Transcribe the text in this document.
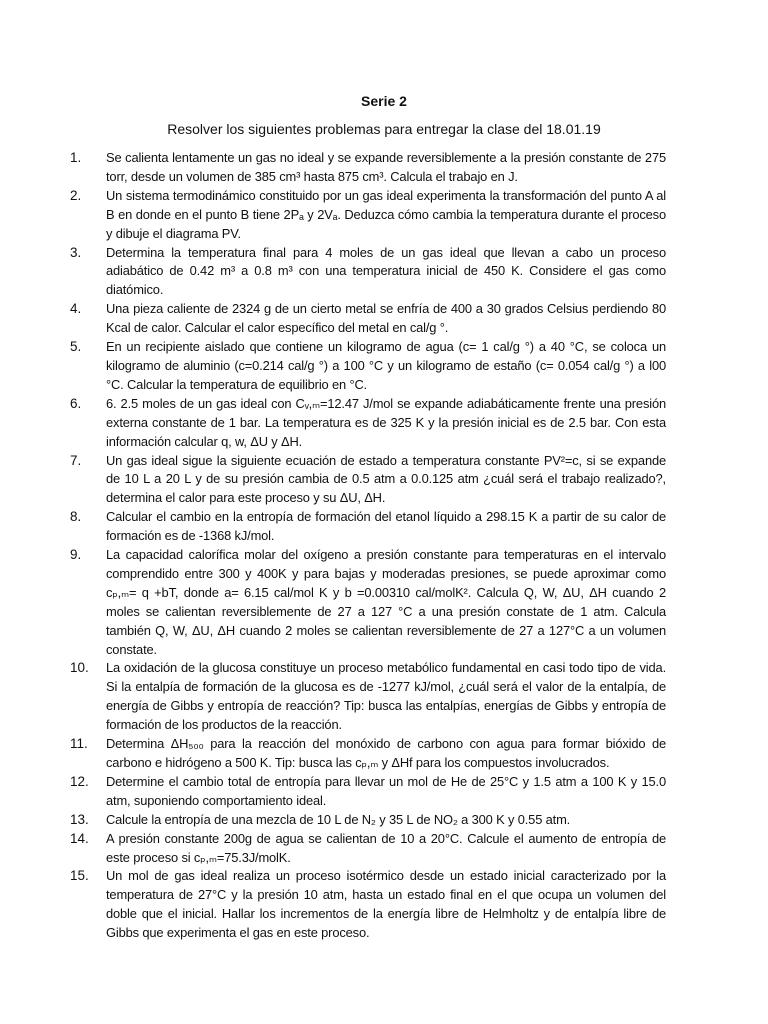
Serie 2
Resolver los siguientes problemas para entregar la clase del 18.01.19
1.	Se calienta lentamente un gas no ideal y se expande reversiblemente a la presión constante de 275 torr, desde un volumen de 385 cm³ hasta 875 cm³. Calcula el trabajo en J.
2.	Un sistema termodinámico constituido por un gas ideal experimenta la transformación del punto A al B en donde en el punto B tiene 2Pₐ y 2Vₐ. Deduzca cómo cambia la temperatura durante el proceso y dibuje el diagrama PV.
3.	Determina la temperatura final para 4 moles de un gas ideal que llevan a cabo un proceso adiabático de 0.42 m³ a 0.8 m³ con una temperatura inicial de 450 K. Considere el gas como diatómico.
4.	Una pieza caliente de 2324 g de un cierto metal se enfría de 400 a 30 grados Celsius perdiendo 80 Kcal de calor. Calcular el calor específico del metal en cal/g °.
5.	En un recipiente aislado que contiene un kilogramo de agua (c= 1 cal/g °) a 40 °C, se coloca un kilogramo de aluminio (c=0.214 cal/g °) a 100 °C y un kilogramo de estaño (c= 0.054 cal/g °) a l00 °C. Calcular la temperatura de equilibrio en °C.
6.	6. 2.5 moles de un gas ideal con Cᵥ,ₘ=12.47 J/mol se expande adiabáticamente frente una presión externa constante de 1 bar. La temperatura es de 325 K y la presión inicial es de 2.5 bar. Con esta información calcular q, w, ΔU y ΔH.
7.	Un gas ideal sigue la siguiente ecuación de estado a temperatura constante PV²=c, si se expande de 10 L a 20 L y de su presión cambia de 0.5 atm a 0.0.125 atm ¿cuál será el trabajo realizado?, determina el calor para este proceso y su ΔU, ΔH.
8.	Calcular el cambio en la entropía de formación del etanol líquido a 298.15 K a partir de su calor de formación es de -1368 kJ/mol.
9.	La capacidad calorífica molar del oxígeno a presión constante para temperaturas en el intervalo comprendido entre 300 y 400K y para bajas y moderadas presiones, se puede aproximar como cₚ,ₘ= q +bT, donde a= 6.15 cal/mol K y b =0.00310 cal/molK². Calcula Q, W, ΔU, ΔH cuando 2 moles se calientan reversiblemente de 27 a 127 °C a una presión constate de 1 atm. Calcula también Q, W, ΔU, ΔH cuando 2 moles se calientan reversiblemente de 27 a 127°C a un volumen constate.
10.	La oxidación de la glucosa constituye un proceso metabólico fundamental en casi todo tipo de vida. Si la entalpía de formación de la glucosa es de -1277 kJ/mol, ¿cuál será el valor de la entalpía, de energía de Gibbs y entropía de reacción? Tip: busca las entalpías, energías de Gibbs y entropía de formación de los productos de la reacción.
11.	Determina ΔH₅₀₀ para la reacción del monóxido de carbono con agua para formar bióxido de carbono e hidrógeno a 500 K. Tip: busca las cₚ,ₘ y ΔHf para los compuestos involucrados.
12.	Determine el cambio total de entropía para llevar un mol de He de 25°C y 1.5 atm a 100 K y 15.0 atm, suponiendo comportamiento ideal.
13.	Calcule la entropía de una mezcla de 10 L de N₂ y 35 L de NO₂ a 300 K y 0.55 atm.
14.	A presión constante 200g de agua se calientan de 10 a 20°C. Calcule el aumento de entropía de este proceso si cₚ,ₘ=75.3J/molK.
15.	Un mol de gas ideal realiza un proceso isotérmico desde un estado inicial caracterizado por la temperatura de 27°C y la presión 10 atm, hasta un estado final en el que ocupa un volumen del doble que el inicial. Hallar los incrementos de la energía libre de Helmholtz y de entalpía libre de Gibbs que experimenta el gas en este proceso.
